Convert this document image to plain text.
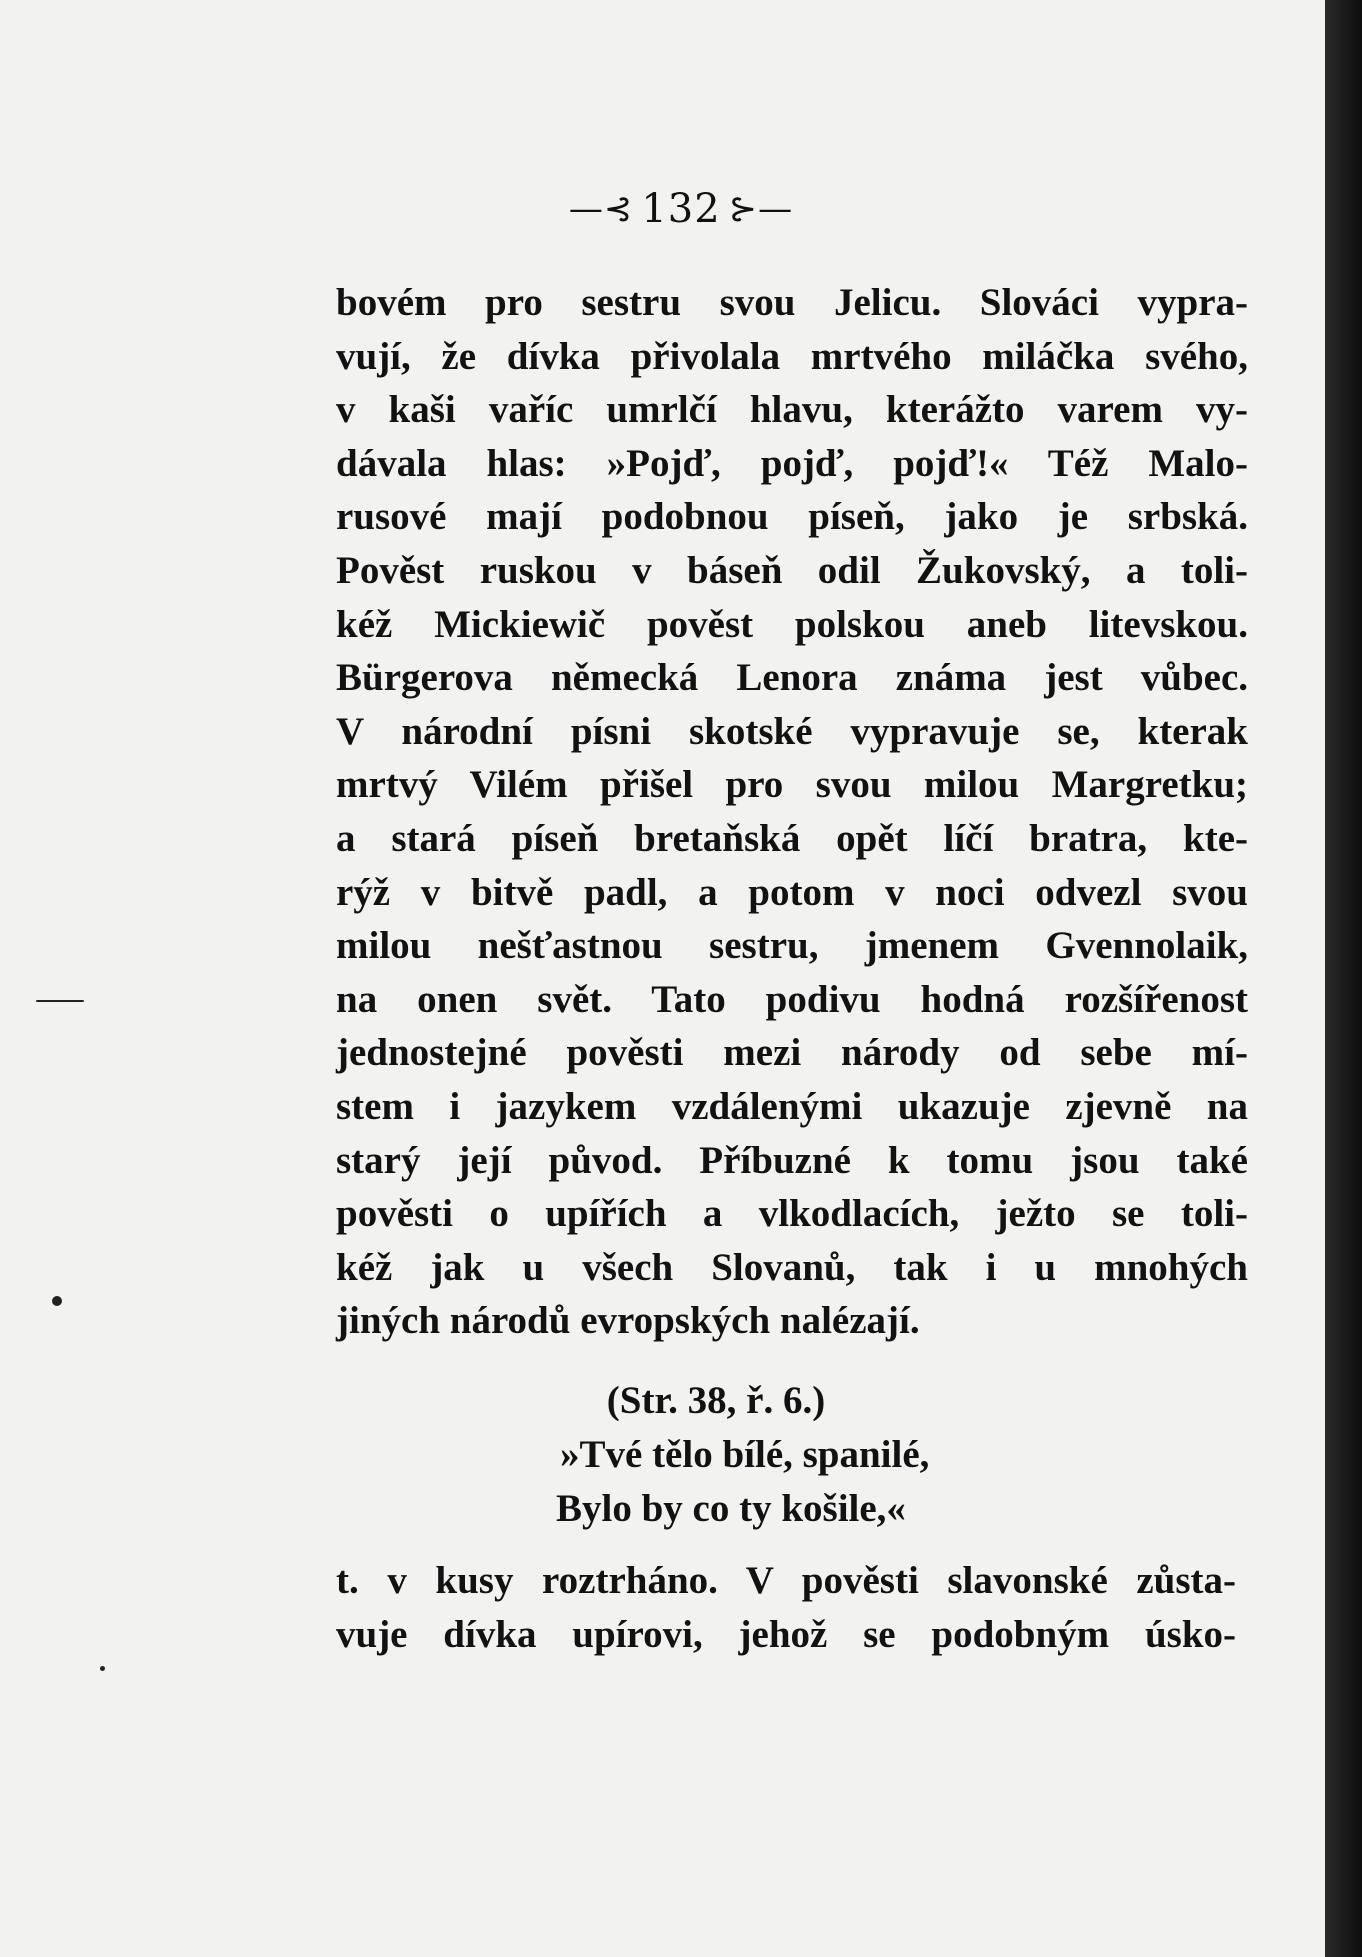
—⊰ 132 ⊱—
bovém pro sestru svou Jelicu. Slováci vypra-
vují, že dívka přivolala mrtvého miláčka svého,
v kaši vaříc umrlčí hlavu, kterážto varem vy-
dávala hlas: »Pojď, pojď, pojď!« Též Malo-
rusové mají podobnou píseň, jako je srbská.
Pověst ruskou v báseň odil Žukovský, a toli-
kéž Mickiewič pověst polskou aneb litevskou.
Bürgerova německá Lenora známa jest vůbec.
V národní písni skotské vypravuje se, kterak
mrtvý Vilém přišel pro svou milou Margretku;
a stará píseň bretaňská opět líčí bratra, kte-
rýž v bitvě padl, a potom v noci odvezl svou
milou nešťastnou sestru, jmenem Gvennolaik,
na onen svět. Tato podivu hodná rozšířenost
jednostejné pověsti mezi národy od sebe mí-
stem i jazykem vzdálenými ukazuje zjevně na
starý její původ. Příbuzné k tomu jsou také
pověsti o upířích a vlkodlacích, ježto se toli-
kéž jak u všech Slovanů, tak i u mnohých
jiných národů evropských nalézají.
(Str. 38, ř. 6.)
»Tvé tělo bílé, spanilé,
Bylo by co ty košile,«
t. v kusy roztrháno. V pověsti slavonské zůsta-
vuje dívka upírovi, jehož se podobným úsko-
